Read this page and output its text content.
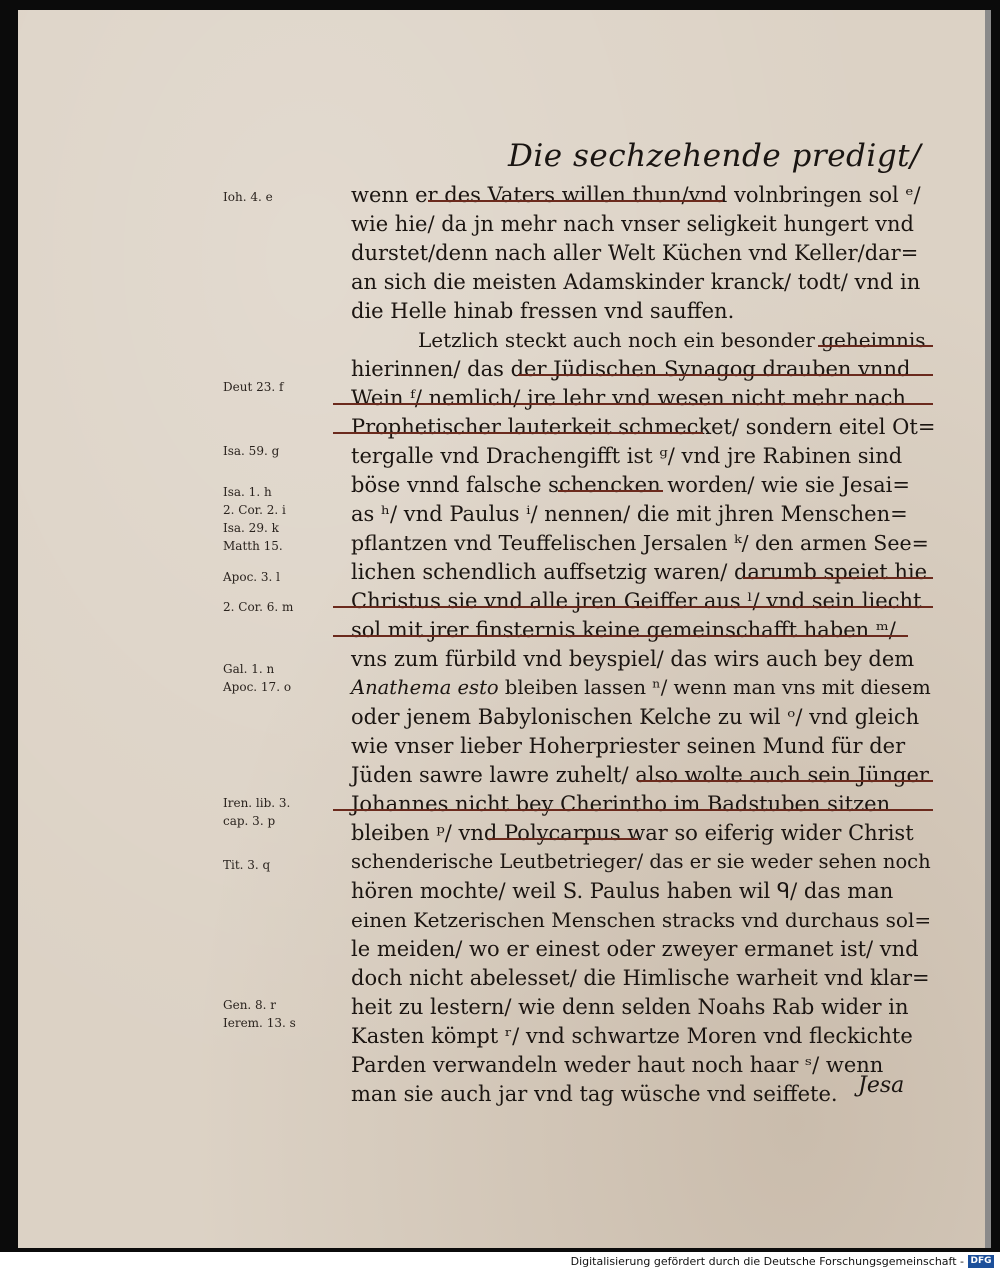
Die sechzehende predigt/
wenn er des Vaters willen thun/vnd volnbringen sol ᵉ/
wie hie/ da jn mehr nach vnser seligkeit hungert vnd
durstet/denn nach aller Welt Küchen vnd Keller/dar=
an sich die meisten Adamskinder kranck/ todt/ vnd in
die Helle hinab fressen vnd sauffen.
Letzlich steckt auch noch ein besonder geheimnis
hierinnen/ das der Jüdischen Synagog drauben vnnd
Wein ᶠ/ nemlich/ jre lehr vnd wesen nicht mehr nach
Prophetischer lauterkeit schmecket/ sondern eitel Ot=
tergalle vnd Drachengifft ist ᵍ/ vnd jre Rabinen sind
böse vnnd falsche schencken worden/ wie sie Jesai=
as ʰ/ vnd Paulus ⁱ/ nennen/ die mit jhren Menschen=
pflantzen vnd Teuffelischen Jersalen ᵏ/ den armen See=
lichen schendlich auffsetzig waren/ darumb speiet hie
Christus sie vnd alle jren Geiffer aus ˡ/ vnd sein liecht
sol mit jrer finsternis keine gemeinschafft haben ᵐ/
vns zum fürbild vnd beyspiel/ das wirs auch bey dem
Anathema esto bleiben lassen ⁿ/ wenn man vns mit diesem
oder jenem Babylonischen Kelche zu wil ᵒ/ vnd gleich
wie vnser lieber Hoherpriester seinen Mund für der
Jüden sawre lawre zuhelt/ also wolte auch sein Jünger
Johannes nicht bey Cherintho im Badstuben sitzen
bleiben ᵖ/ vnd Polycarpus war so eiferig wider Christ
schenderische Leutbetrieger/ das er sie weder sehen noch
hören mochte/ weil S. Paulus haben wil ᑫ/ das man
einen Ketzerischen Menschen stracks vnd durchaus sol=
le meiden/ wo er einest oder zweyer ermanet ist/ vnd
doch nicht abelesset/ die Himlische warheit vnd klar=
heit zu lestern/ wie denn selden Noahs Rab wider in
Kasten kömpt ʳ/ vnd schwartze Moren vnd fleckichte
Parden verwandeln weder haut noch haar ˢ/ wenn
man sie auch jar vnd tag wüsche vnd seiffete.
Ioh. 4. e
Deut 23. f
Isa. 59. g
Isa. 1. h
2. Cor. 2. i
Isa. 29. k
Matth 15.
Apoc. 3. l
2. Cor. 6. m
Gal. 1. n
Apoc. 17. o
Iren. lib. 3.
cap. 3. p
Tit. 3. q
Gen. 8. r
Ierem. 13. s
Jesa
Digitalisierung gefördert durch die Deutsche Forschungsgemeinschaft - DFG
